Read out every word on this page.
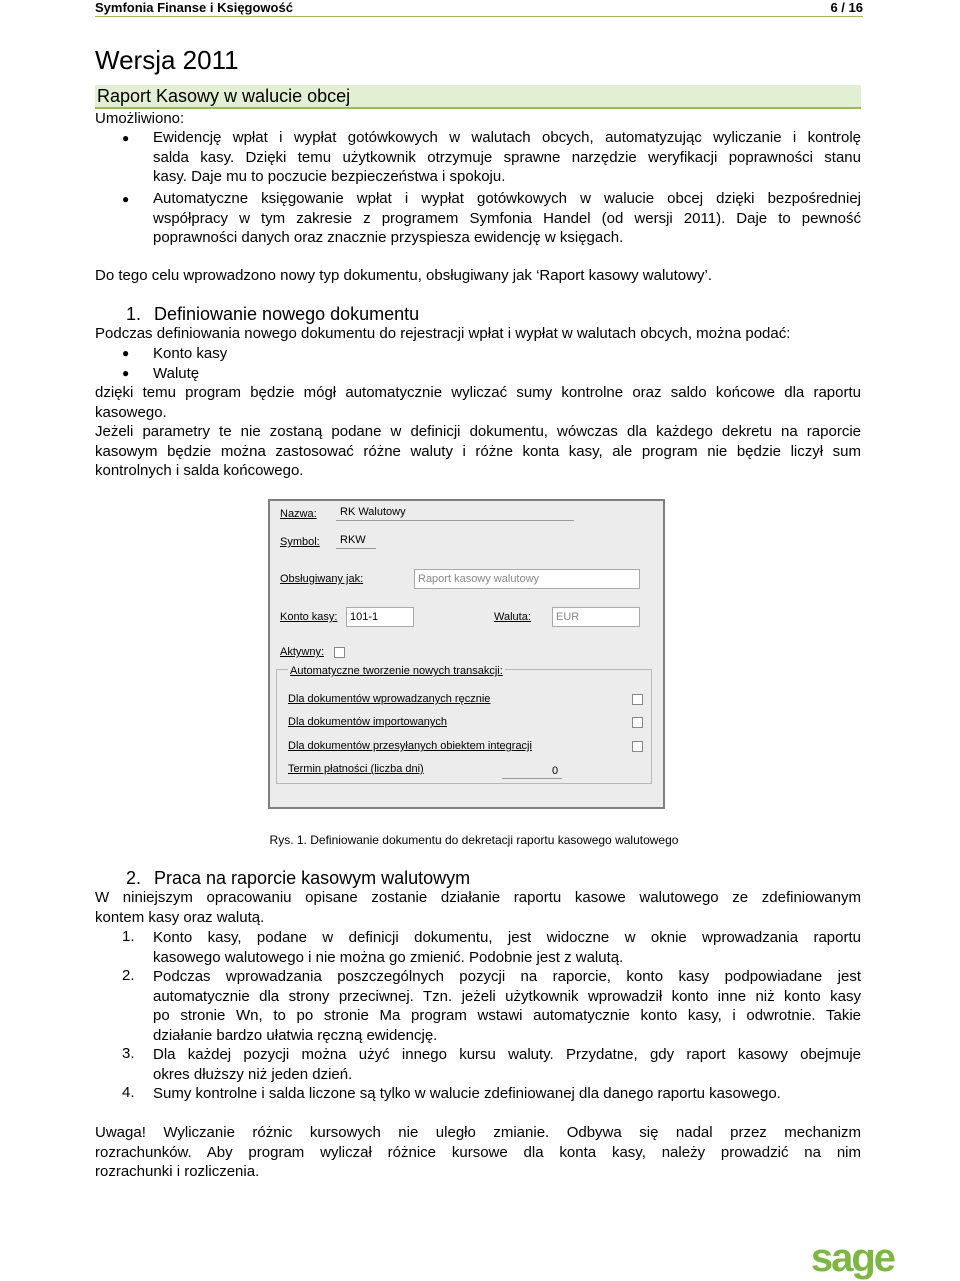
Symfonia Finanse i Księgowość	6 / 16
Wersja 2011
Raport Kasowy w walucie obcej
Umożliwiono:
● Ewidencję wpłat i wypłat gotówkowych w walutach obcych, automatyzując wyliczanie i kontrolę
salda kasy. Dzięki temu użytkownik otrzymuje sprawne narzędzie weryfikacji poprawności stanu
kasy. Daje mu to poczucie bezpieczeństwa i spokoju.
● Automatyczne księgowanie wpłat i wypłat gotówkowych w walucie obcej dzięki bezpośredniej
współpracy w tym zakresie z programem Symfonia Handel (od wersji 2011). Daje to pewność
poprawności danych oraz znacznie przyspiesza ewidencję w księgach.
Do tego celu wprowadzono nowy typ dokumentu, obsługiwany jak ‘Raport kasowy walutowy’.
1. Definiowanie nowego dokumentu
Podczas definiowania nowego dokumentu do rejestracji wpłat i wypłat w walutach obcych, można podać:
● Konto kasy
● Walutę
dzięki temu program będzie mógł automatycznie wyliczać sumy kontrolne oraz saldo końcowe dla raportu
kasowego.
Jeżeli parametry te nie zostaną podane w definicji dokumentu, wówczas dla każdego dekretu na raporcie
kasowym będzie można zastosować różne waluty i różne konta kasy, ale program nie będzie liczył sum
kontrolnych i salda końcowego.
Nazwa: RK Walutowy
Symbol: RKW
Obsługiwany jak:	Raport kasowy walutowy
Konto kasy:	101-1	Waluta:	EUR
Aktywny:
Automatyczne tworzenie nowych transakcji:
Dla dokumentów wprowadzanych ręcznie
Dla dokumentów importowanych
Dla dokumentów przesyłanych obiektem integracji
Termin płatności (liczba dni)	0
Rys. 1. Definiowanie dokumentu do dekretacji raportu kasowego walutowego
2. Praca na raporcie kasowym walutowym
W niniejszym opracowaniu opisane zostanie działanie raportu kasowe walutowego ze zdefiniowanym
kontem kasy oraz walutą.
1. Konto kasy, podane w definicji dokumentu, jest widoczne w oknie wprowadzania raportu
kasowego walutowego i nie można go zmienić. Podobnie jest z walutą.
2. Podczas wprowadzania poszczególnych pozycji na raporcie, konto kasy podpowiadane jest
automatycznie dla strony przeciwnej. Tzn. jeżeli użytkownik wprowadził konto inne niż konto kasy
po stronie Wn, to po stronie Ma program wstawi automatycznie konto kasy, i odwrotnie. Takie
działanie bardzo ułatwia ręczną ewidencję.
3. Dla każdej pozycji można użyć innego kursu waluty. Przydatne, gdy raport kasowy obejmuje
okres dłuższy niż jeden dzień.
4. Sumy kontrolne i salda liczone są tylko w walucie zdefiniowanej dla danego raportu kasowego.
Uwaga! Wyliczanie różnic kursowych nie uległo zmianie. Odbywa się nadal przez mechanizm
rozrachunków. Aby program wyliczał różnice kursowe dla konta kasy, należy prowadzić na nim
rozrachunki i rozliczenia.
sage
